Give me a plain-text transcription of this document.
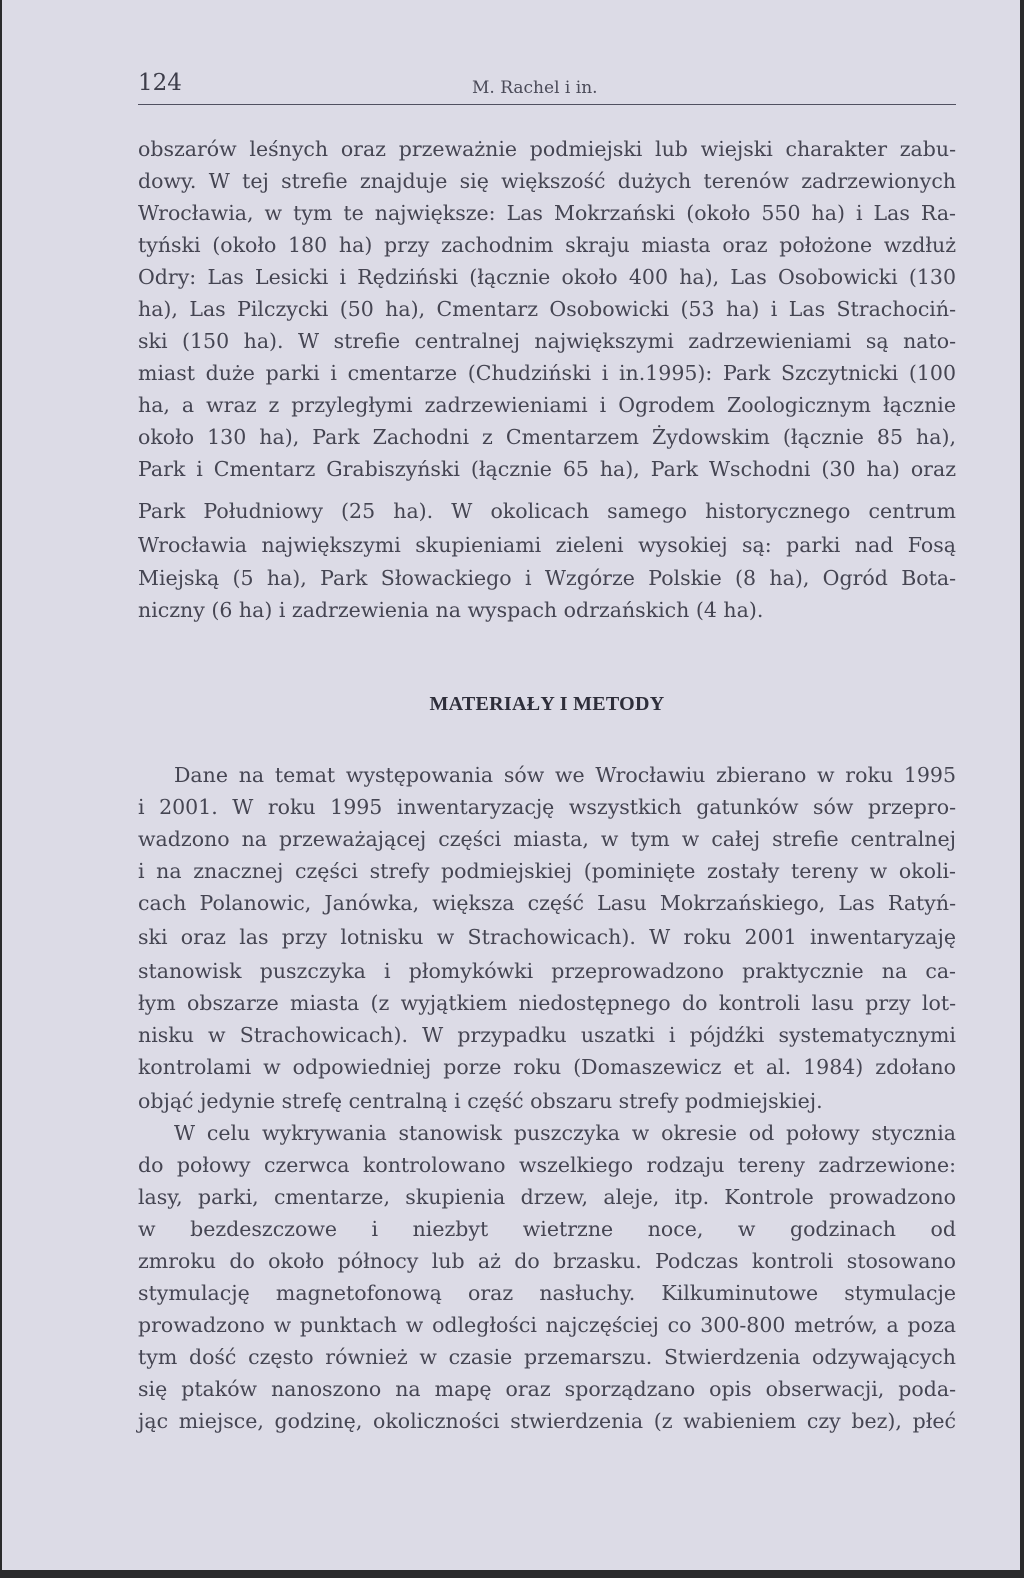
124	M. Rachel i in.
obszarów leśnych oraz przeważnie podmiejski lub wiejski charakter zabu-
dowy. W tej strefie znajduje się większość dużych terenów zadrzewionych
Wrocławia, w tym te największe: Las Mokrzański (około 550 ha) i Las Ra-
tyński (około 180 ha) przy zachodnim skraju miasta oraz położone wzdłuż
Odry: Las Lesicki i Rędziński (łącznie około 400 ha), Las Osobowicki (130
ha), Las Pilczycki (50 ha), Cmentarz Osobowicki (53 ha) i Las Strachociń-
ski (150 ha). W strefie centralnej największymi zadrzewieniami są nato-
miast duże parki i cmentarze (Chudziński i in.1995): Park Szczytnicki (100
ha, a wraz z przyległymi zadrzewieniami i Ogrodem Zoologicznym łącznie
około 130 ha), Park Zachodni z Cmentarzem Żydowskim (łącznie 85 ha),
Park i Cmentarz Grabiszyński (łącznie 65 ha), Park Wschodni (30 ha) oraz
Park Południowy (25 ha). W okolicach samego historycznego centrum
Wrocławia największymi skupieniami zieleni wysokiej są: parki nad Fosą
Miejską (5 ha), Park Słowackiego i Wzgórze Polskie (8 ha), Ogród Bota-
niczny (6 ha) i zadrzewienia na wyspach odrzańskich (4 ha).
MATERIAŁY I METODY
Dane na temat występowania sów we Wrocławiu zbierano w roku 1995
i 2001. W roku 1995 inwentaryzację wszystkich gatunków sów przepro-
wadzono na przeważającej części miasta, w tym w całej strefie centralnej
i na znacznej części strefy podmiejskiej (pominięte zostały tereny w okoli-
cach Polanowic, Janówka, większa część Lasu Mokrzańskiego, Las Ratyń-
ski oraz las przy lotnisku w Strachowicach). W roku 2001 inwentaryzaję
stanowisk puszczyka i płomykówki przeprowadzono praktycznie na ca-
łym obszarze miasta (z wyjątkiem niedostępnego do kontroli lasu przy lot-
nisku w Strachowicach). W przypadku uszatki i pójdźki systematycznymi
kontrolami w odpowiedniej porze roku (Domaszewicz et al. 1984) zdołano
objąć jedynie strefę centralną i część obszaru strefy podmiejskiej.
W celu wykrywania stanowisk puszczyka w okresie od połowy stycznia
do połowy czerwca kontrolowano wszelkiego rodzaju tereny zadrzewione:
lasy, parki, cmentarze, skupienia drzew, aleje, itp. Kontrole prowadzono
w bezdeszczowe i niezbyt wietrzne noce, w godzinach od
zmroku do około północy lub aż do brzasku. Podczas kontroli stosowano
stymulację magnetofonową oraz nasłuchy. Kilkuminutowe stymulacje
prowadzono w punktach w odległości najczęściej co 300-800 metrów, a poza
tym dość często również w czasie przemarszu. Stwierdzenia odzywających
się ptaków nanoszono na mapę oraz sporządzano opis obserwacji, poda-
jąc miejsce, godzinę, okoliczności stwierdzenia (z wabieniem czy bez), płeć
